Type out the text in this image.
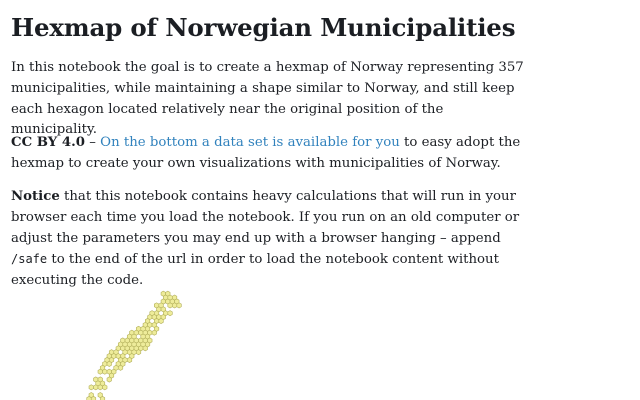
Hexmap of Norwegian Municipalities

In this notebook the goal is to create a hexmap of Norway representing 357 municipalities, while maintaining a shape similar to Norway, and still keep each hexagon located relatively near the original position of the municipality.

CC BY 4.0 – On the bottom a data set is available for you to easy adopt the hexmap to create your own visualizations with municipalities of Norway.

Notice that this notebook contains heavy calculations that will run in your browser each time you load the notebook. If you run on an old computer or adjust the parameters you may end up with a browser hanging – append /safe to the end of the url in order to load the notebook content without executing the code.
